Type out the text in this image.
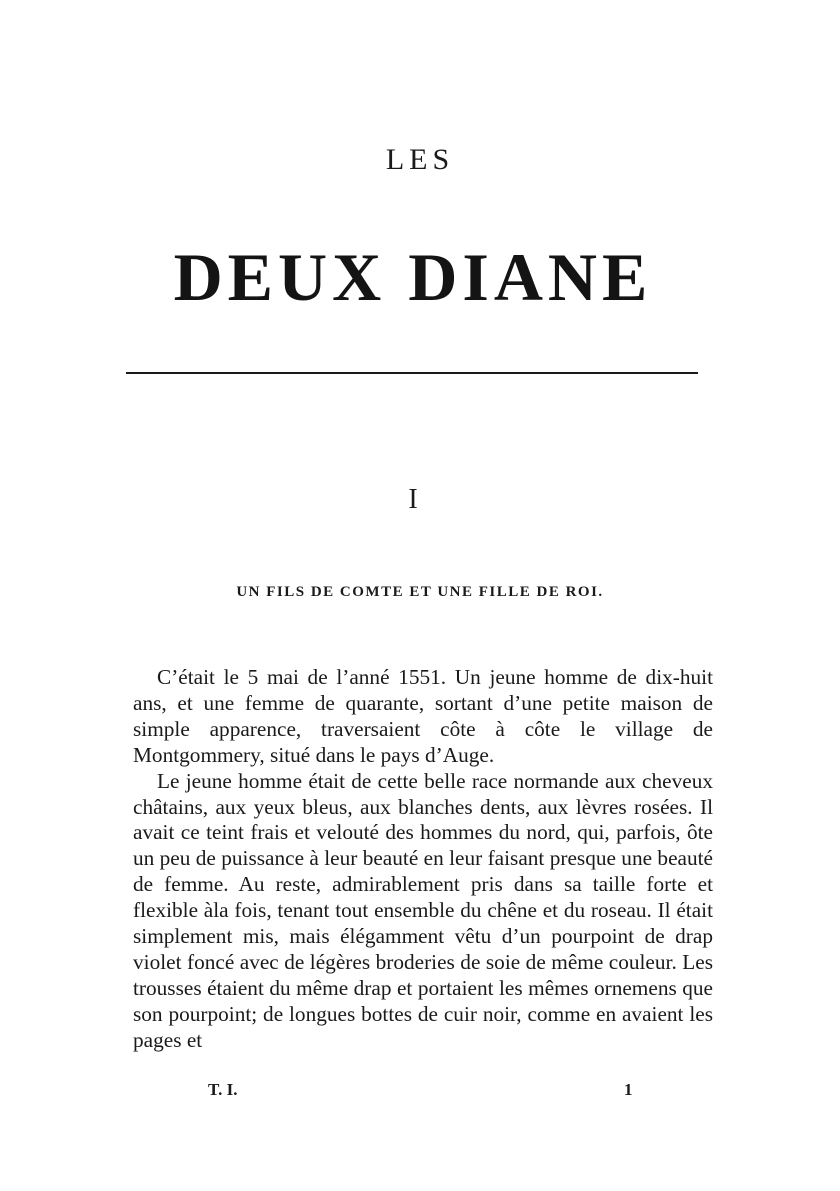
LES
DEUX DIANE
I
UN FILS DE COMTE ET UNE FILLE DE ROI.

C’était le 5 mai de l’anné 1551. Un jeune homme de dix-huit ans, et une femme de quarante, sortant d’une petite maison de simple apparence, traversaient côte à côte le village de Montgommery, situé dans le pays d’Auge.

Le jeune homme était de cette belle race normande aux cheveux châtains, aux yeux bleus, aux blanches dents, aux lèvres rosées. Il avait ce teint frais et velouté des hommes du nord, qui, parfois, ôte un peu de puissance à leur beauté en leur faisant presque une beauté de femme. Au reste, admirablement pris dans sa taille forte et flexible àla fois, tenant tout ensemble du chêne et du roseau. Il était simplement mis, mais élégamment vêtu d’un pourpoint de drap violet foncé avec de légères broderies de soie de même couleur. Les trousses étaient du même drap et portaient les mêmes ornemens que son pourpoint; de longues bottes de cuir noir, comme en avaient les pages et

T. I.	1
